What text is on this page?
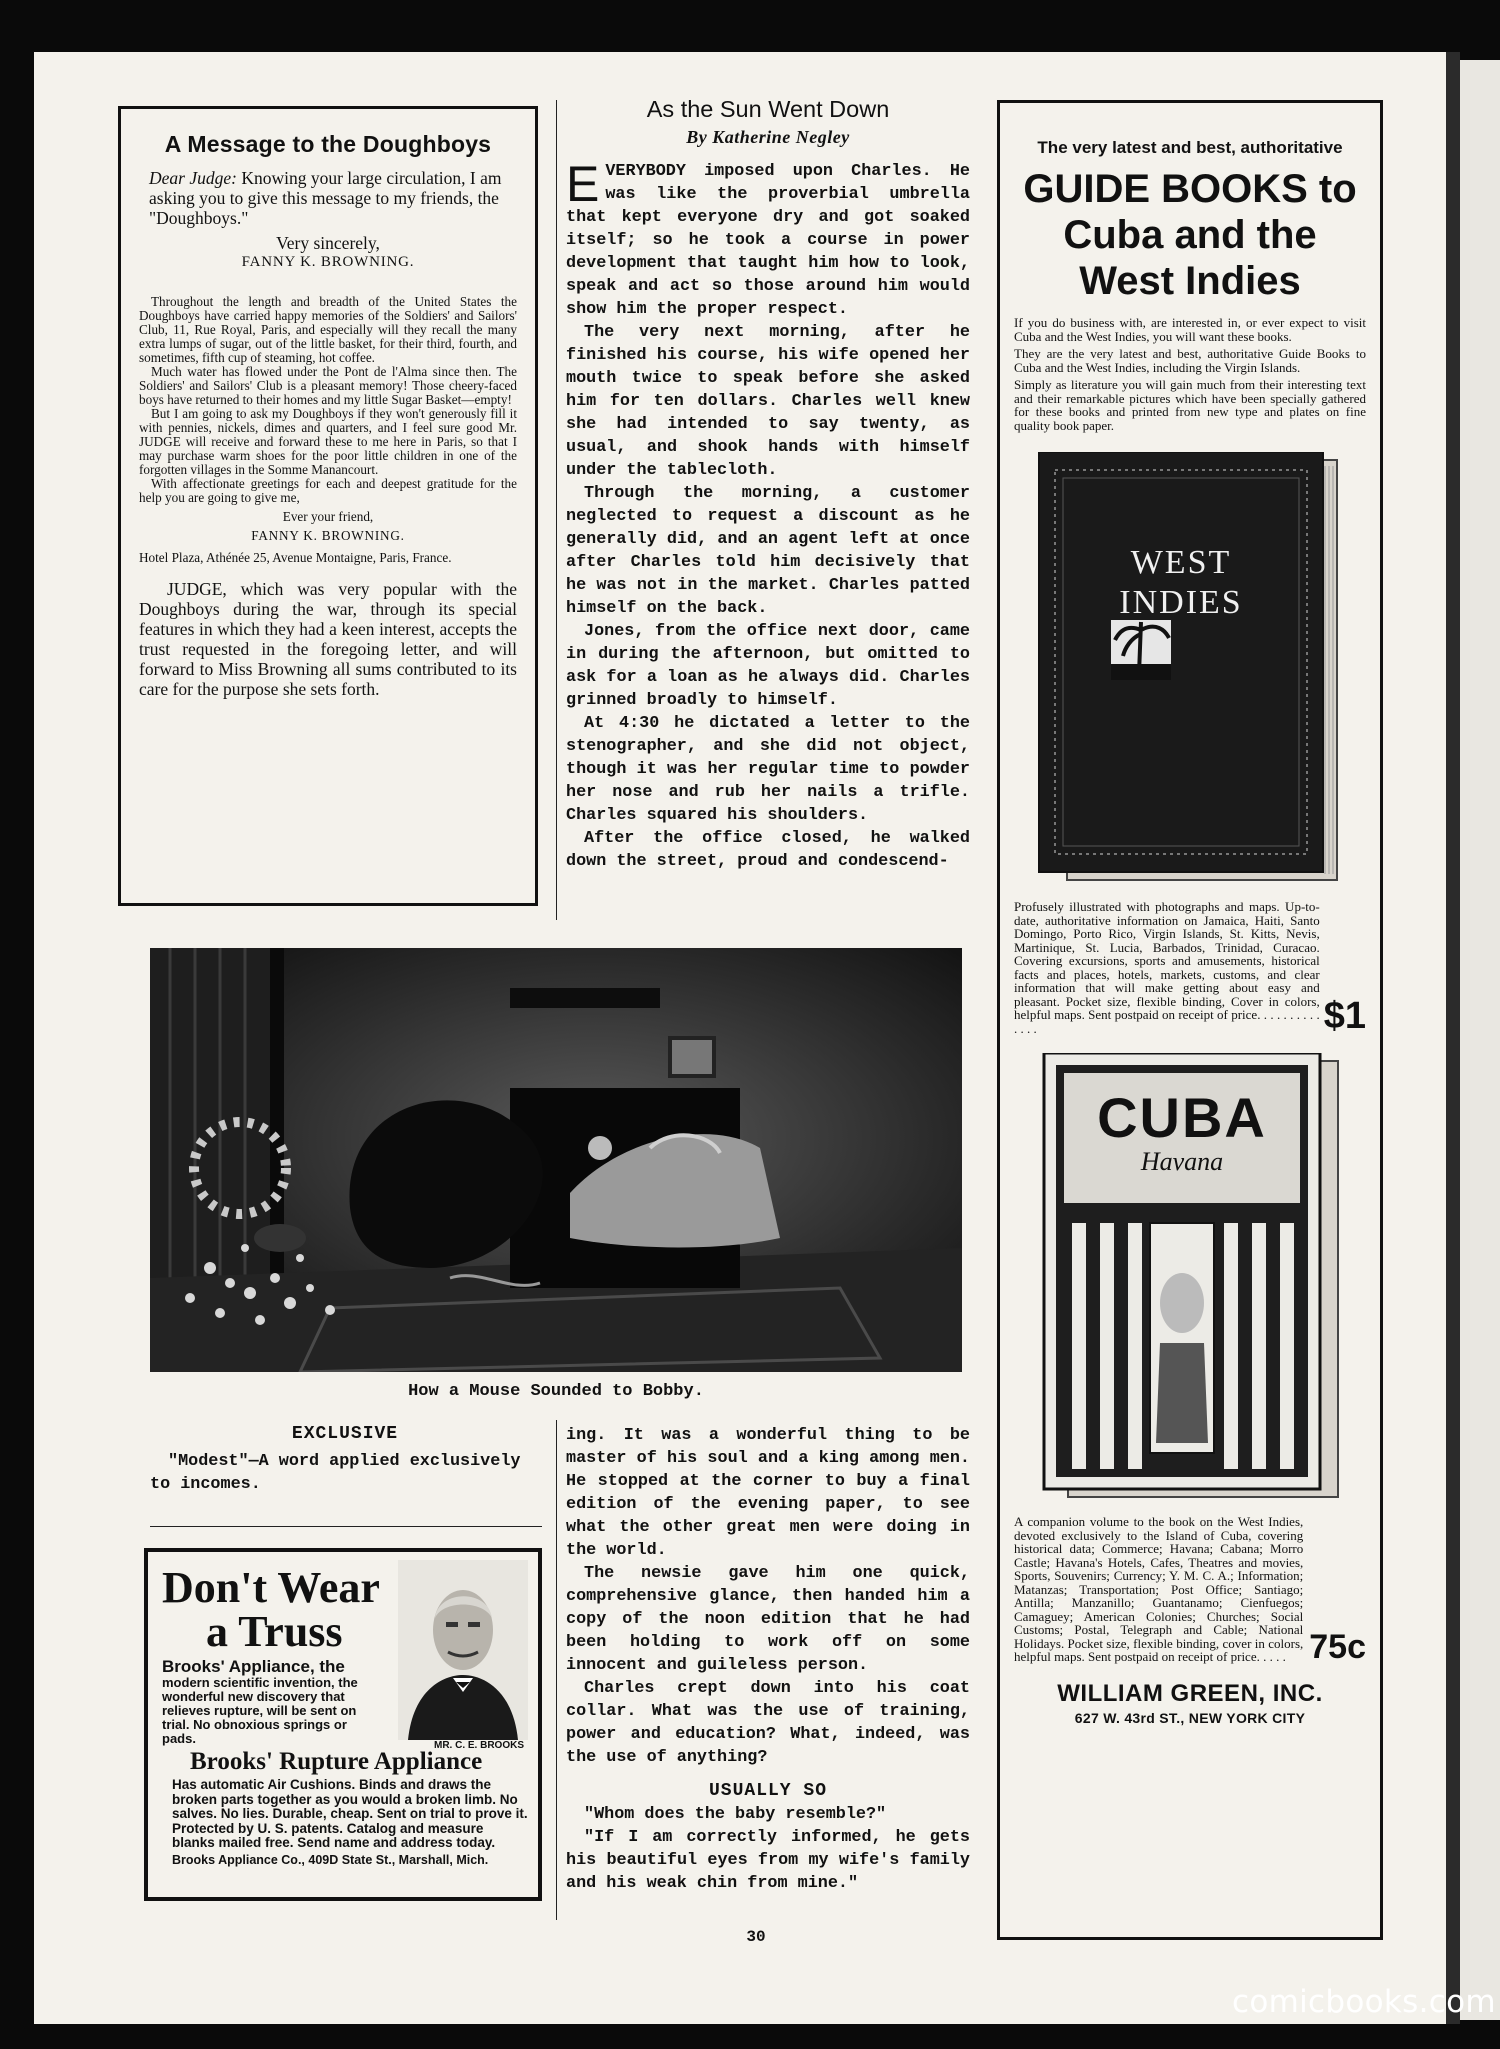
A Message to the Doughboys

Dear Judge: Knowing your large circulation, I am asking you to give this message to my friends, the "Doughboys."

Very sincerely,

FANNY K. BROWNING.

Throughout the length and breadth of the United States the Doughboys have carried happy memories of the Soldiers' and Sailors' Club, 11, Rue Royal, Paris, and especially will they recall the many extra lumps of sugar, out of the little basket, for their third, fourth, and sometimes, fifth cup of steaming, hot coffee.

Much water has flowed under the Pont de l'Alma since then. The Soldiers' and Sailors' Club is a pleasant memory! Those cheery-faced boys have returned to their homes and my little Sugar Basket—empty!

But I am going to ask my Doughboys if they won't generously fill it with pennies, nickels, dimes and quarters, and I feel sure good Mr. JUDGE will receive and forward these to me here in Paris, so that I may purchase warm shoes for the poor little children in one of the forgotten villages in the Somme Manancourt.

With affectionate greetings for each and deepest gratitude for the help you are going to give me,

Ever your friend,

FANNY K. BROWNING.

Hotel Plaza, Athénée 25, Avenue Montaigne, Paris, France.

JUDGE, which was very popular with the Doughboys during the war, through its special features in which they had a keen interest, accepts the trust requested in the foregoing letter, and will forward to Miss Browning all sums contributed to its care for the purpose she sets forth.

As the Sun Went Down
By Katherine Negley

EVERYBODY imposed upon Charles. He was like the proverbial umbrella that kept everyone dry and got soaked itself; so he took a course in power development that taught him how to look, speak and act so those around him would show him the proper respect.

The very next morning, after he finished his course, his wife opened her mouth twice to speak before she asked him for ten dollars. Charles well knew she had intended to say twenty, as usual, and shook hands with himself under the tablecloth.

Through the morning, a customer neglected to request a discount as he generally did, and an agent left at once after Charles told him decisively that he was not in the market. Charles patted himself on the back.

Jones, from the office next door, came in during the afternoon, but omitted to ask for a loan as he always did. Charles grinned broadly to himself.

At 4:30 he dictated a letter to the stenographer, and she did not object, though it was her regular time to powder her nose and rub her nails a trifle. Charles squared his shoulders.

After the office closed, he walked down the street, proud and condescend-

How a Mouse Sounded to Bobby.
EXCLUSIVE
"Modest"—A word applied exclusively to incomes.
Don't Wear
a Truss
Brooks' Appliance, the
modern scientific invention, the wonderful new discovery that relieves rupture, will be sent on trial. No obnoxious springs or pads.	MR. C. E. BROOKS
Brooks' Rupture Appliance
Has automatic Air Cushions. Binds and draws the broken parts together as you would a broken limb. No salves. No lies. Durable, cheap. Sent on trial to prove it. Protected by U. S. patents. Catalog and measure blanks mailed free. Send name and address today.
Brooks Appliance Co., 409D State St., Marshall, Mich.

ing. It was a wonderful thing to be master of his soul and a king among men. He stopped at the corner to buy a final edition of the evening paper, to see what the other great men were doing in the world.

The newsie gave him one quick, comprehensive glance, then handed him a copy of the noon edition that he had been holding to work off on some innocent and guileless person.

Charles crept down into his coat collar. What was the use of training, power and education? What, indeed, was the use of anything?

USUALLY SO

"Whom does the baby resemble?"

"If I am correctly informed, he gets his beautiful eyes from my wife's family and his weak chin from mine."

30
The very latest and best, authoritative
GUIDE BOOKS to Cuba and the West Indies

If you do business with, are interested in, or ever expect to visit Cuba and the West Indies, you will want these books.

They are the very latest and best, authoritative Guide Books to Cuba and the West Indies, including the Virgin Islands.

Simply as literature you will gain much from their interesting text and their remarkable pictures which have been specially gathered for these books and printed from new type and plates on fine quality book paper.

WEST
INDIES

Profusely illustrated with photographs and maps. Up-to-date, authoritative information on Jamaica, Haiti, Santo Domingo, Porto Rico, Virgin Islands, St. Kitts, Nevis, Martinique, St. Lucia, Barbados, Trinidad, Curacao. Covering excursions, sports and amusements, historical facts and places, hotels, markets, customs, and clear information that will make getting about easy and pleasant. Pocket size, flexible binding, Cover in colors, helpful maps. Sent postpaid on receipt of price. . . . . . . . . . . . . .	$1
CUBA
Havana

A companion volume to the book on the West Indies, devoted exclusively to the Island of Cuba, covering historical data; Commerce; Havana; Cabana; Morro Castle; Havana's Hotels, Cafes, Theatres and movies, Sports, Souvenirs; Currency; Y. M. C. A.; Information; Matanzas; Transportation; Post Office; Santiago; Antilla; Manzanillo; Guantanamo; Cienfuegos; Camaguey; American Colonies; Churches; Social Customs; Postal, Telegraph and Cable; National Holidays. Pocket size, flexible binding, cover in colors, helpful maps. Sent postpaid on receipt of price. . . . . 75c
WILLIAM GREEN, INC.
627 W. 43rd ST., NEW YORK CITY
comicbooks.com
